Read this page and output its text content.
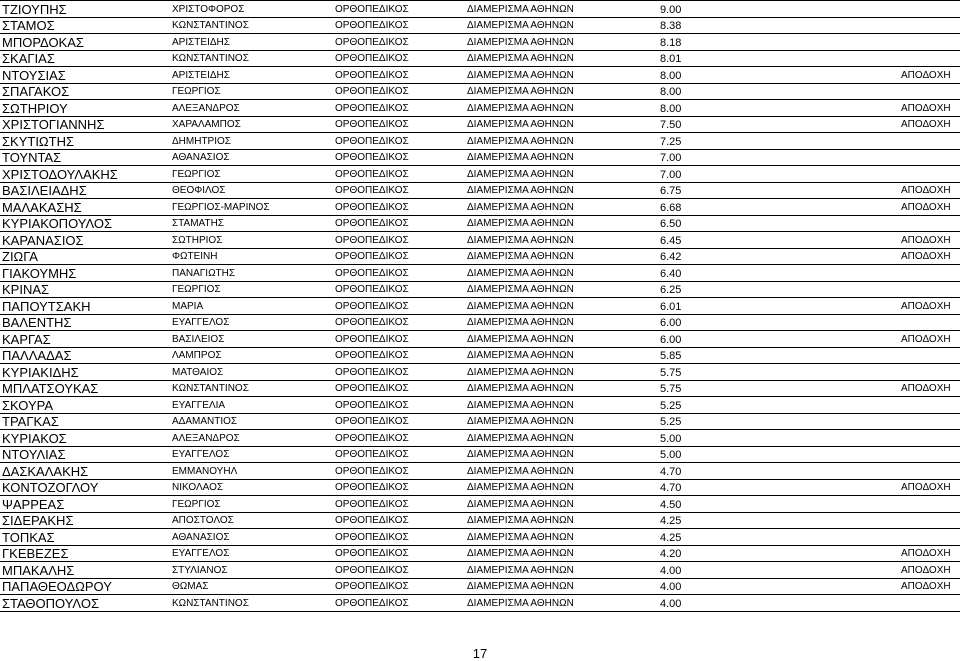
ΤΖΙΟΥΠΗΣ	ΧΡΙΣΤΟΦΟΡΟΣ	ΟΡΘΟΠΕΔΙΚΟΣ	ΔΙΑΜΕΡΙΣΜΑ ΑΘΗΝΩΝ	9.00	
ΣΤΑΜΟΣ	ΚΩΝΣΤΑΝΤΙΝΟΣ	ΟΡΘΟΠΕΔΙΚΟΣ	ΔΙΑΜΕΡΙΣΜΑ ΑΘΗΝΩΝ	8.38	
ΜΠΟΡΔΟΚΑΣ	ΑΡΙΣΤΕΙΔΗΣ	ΟΡΘΟΠΕΔΙΚΟΣ	ΔΙΑΜΕΡΙΣΜΑ ΑΘΗΝΩΝ	8.18	
ΣΚΑΓΙΑΣ	ΚΩΝΣΤΑΝΤΙΝΟΣ	ΟΡΘΟΠΕΔΙΚΟΣ	ΔΙΑΜΕΡΙΣΜΑ ΑΘΗΝΩΝ	8.01	
ΝΤΟΥΣΙΑΣ	ΑΡΙΣΤΕΙΔΗΣ	ΟΡΘΟΠΕΔΙΚΟΣ	ΔΙΑΜΕΡΙΣΜΑ ΑΘΗΝΩΝ	8.00	ΑΠΟΔΟΧΗ
ΣΠΑΓΑΚΟΣ	ΓΕΩΡΓΙΟΣ	ΟΡΘΟΠΕΔΙΚΟΣ	ΔΙΑΜΕΡΙΣΜΑ ΑΘΗΝΩΝ	8.00	
ΣΩΤΗΡΙΟΥ	ΑΛΕΞΑΝΔΡΟΣ	ΟΡΘΟΠΕΔΙΚΟΣ	ΔΙΑΜΕΡΙΣΜΑ ΑΘΗΝΩΝ	8.00	ΑΠΟΔΟΧΗ
ΧΡΙΣΤΟΓΙΑΝΝΗΣ	ΧΑΡΑΛΑΜΠΟΣ	ΟΡΘΟΠΕΔΙΚΟΣ	ΔΙΑΜΕΡΙΣΜΑ ΑΘΗΝΩΝ	7.50	ΑΠΟΔΟΧΗ
ΣΚΥΤΙΩΤΗΣ	ΔΗΜΗΤΡΙΟΣ	ΟΡΘΟΠΕΔΙΚΟΣ	ΔΙΑΜΕΡΙΣΜΑ ΑΘΗΝΩΝ	7.25	
ΤΟΥΝΤΑΣ	ΑΘΑΝΑΣΙΟΣ	ΟΡΘΟΠΕΔΙΚΟΣ	ΔΙΑΜΕΡΙΣΜΑ ΑΘΗΝΩΝ	7.00	
ΧΡΙΣΤΟΔΟΥΛΑΚΗΣ	ΓΕΩΡΓΙΟΣ	ΟΡΘΟΠΕΔΙΚΟΣ	ΔΙΑΜΕΡΙΣΜΑ ΑΘΗΝΩΝ	7.00	
ΒΑΣΙΛΕΙΑΔΗΣ	ΘΕΟΦΙΛΟΣ	ΟΡΘΟΠΕΔΙΚΟΣ	ΔΙΑΜΕΡΙΣΜΑ ΑΘΗΝΩΝ	6.75	ΑΠΟΔΟΧΗ
ΜΑΛΑΚΑΣΗΣ	ΓΕΩΡΓΙΟΣ-ΜΑΡΙΝΟΣ	ΟΡΘΟΠΕΔΙΚΟΣ	ΔΙΑΜΕΡΙΣΜΑ ΑΘΗΝΩΝ	6.68	ΑΠΟΔΟΧΗ
ΚΥΡΙΑΚΟΠΟΥΛΟΣ	ΣΤΑΜΑΤΗΣ	ΟΡΘΟΠΕΔΙΚΟΣ	ΔΙΑΜΕΡΙΣΜΑ ΑΘΗΝΩΝ	6.50	
ΚΑΡΑΝΑΣΙΟΣ	ΣΩΤΗΡΙΟΣ	ΟΡΘΟΠΕΔΙΚΟΣ	ΔΙΑΜΕΡΙΣΜΑ ΑΘΗΝΩΝ	6.45	ΑΠΟΔΟΧΗ
ΖΙΩΓΑ	ΦΩΤΕΙΝΗ	ΟΡΘΟΠΕΔΙΚΟΣ	ΔΙΑΜΕΡΙΣΜΑ ΑΘΗΝΩΝ	6.42	ΑΠΟΔΟΧΗ
ΓΙΑΚΟΥΜΗΣ	ΠΑΝΑΓΙΩΤΗΣ	ΟΡΘΟΠΕΔΙΚΟΣ	ΔΙΑΜΕΡΙΣΜΑ ΑΘΗΝΩΝ	6.40	
ΚΡΙΝΑΣ	ΓΕΩΡΓΙΟΣ	ΟΡΘΟΠΕΔΙΚΟΣ	ΔΙΑΜΕΡΙΣΜΑ ΑΘΗΝΩΝ	6.25	
ΠΑΠΟΥΤΣΑΚΗ	ΜΑΡΙΑ	ΟΡΘΟΠΕΔΙΚΟΣ	ΔΙΑΜΕΡΙΣΜΑ ΑΘΗΝΩΝ	6.01	ΑΠΟΔΟΧΗ
ΒΑΛΕΝΤΗΣ	ΕΥΑΓΓΕΛΟΣ	ΟΡΘΟΠΕΔΙΚΟΣ	ΔΙΑΜΕΡΙΣΜΑ ΑΘΗΝΩΝ	6.00	
ΚΑΡΓΑΣ	ΒΑΣΙΛΕΙΟΣ	ΟΡΘΟΠΕΔΙΚΟΣ	ΔΙΑΜΕΡΙΣΜΑ ΑΘΗΝΩΝ	6.00	ΑΠΟΔΟΧΗ
ΠΑΛΛΑΔΑΣ	ΛΑΜΠΡΟΣ	ΟΡΘΟΠΕΔΙΚΟΣ	ΔΙΑΜΕΡΙΣΜΑ ΑΘΗΝΩΝ	5.85	
ΚΥΡΙΑΚΙΔΗΣ	ΜΑΤΘΑΙΟΣ	ΟΡΘΟΠΕΔΙΚΟΣ	ΔΙΑΜΕΡΙΣΜΑ ΑΘΗΝΩΝ	5.75	
ΜΠΛΑΤΣΟΥΚΑΣ	ΚΩΝΣΤΑΝΤΙΝΟΣ	ΟΡΘΟΠΕΔΙΚΟΣ	ΔΙΑΜΕΡΙΣΜΑ ΑΘΗΝΩΝ	5.75	ΑΠΟΔΟΧΗ
ΣΚΟΥΡΑ	ΕΥΑΓΓΕΛΙΑ	ΟΡΘΟΠΕΔΙΚΟΣ	ΔΙΑΜΕΡΙΣΜΑ ΑΘΗΝΩΝ	5.25	
ΤΡΑΓΚΑΣ	ΑΔΑΜΑΝΤΙΟΣ	ΟΡΘΟΠΕΔΙΚΟΣ	ΔΙΑΜΕΡΙΣΜΑ ΑΘΗΝΩΝ	5.25	
ΚΥΡΙΑΚΟΣ	ΑΛΕΞΑΝΔΡΟΣ	ΟΡΘΟΠΕΔΙΚΟΣ	ΔΙΑΜΕΡΙΣΜΑ ΑΘΗΝΩΝ	5.00	
ΝΤΟΥΛΙΑΣ	ΕΥΑΓΓΕΛΟΣ	ΟΡΘΟΠΕΔΙΚΟΣ	ΔΙΑΜΕΡΙΣΜΑ ΑΘΗΝΩΝ	5.00	
ΔΑΣΚΑΛΑΚΗΣ	ΕΜΜΑΝΟΥΗΛ	ΟΡΘΟΠΕΔΙΚΟΣ	ΔΙΑΜΕΡΙΣΜΑ ΑΘΗΝΩΝ	4.70	
ΚΟΝΤΟΖΟΓΛΟΥ	ΝΙΚΟΛΑΟΣ	ΟΡΘΟΠΕΔΙΚΟΣ	ΔΙΑΜΕΡΙΣΜΑ ΑΘΗΝΩΝ	4.70	ΑΠΟΔΟΧΗ
ΨΑΡΡΕΑΣ	ΓΕΩΡΓΙΟΣ	ΟΡΘΟΠΕΔΙΚΟΣ	ΔΙΑΜΕΡΙΣΜΑ ΑΘΗΝΩΝ	4.50	
ΣΙΔΕΡΑΚΗΣ	ΑΠΟΣΤΟΛΟΣ	ΟΡΘΟΠΕΔΙΚΟΣ	ΔΙΑΜΕΡΙΣΜΑ ΑΘΗΝΩΝ	4.25	
ΤΟΠΚΑΣ	ΑΘΑΝΑΣΙΟΣ	ΟΡΘΟΠΕΔΙΚΟΣ	ΔΙΑΜΕΡΙΣΜΑ ΑΘΗΝΩΝ	4.25	
ΓΚΕΒΕΖΕΣ	ΕΥΑΓΓΕΛΟΣ	ΟΡΘΟΠΕΔΙΚΟΣ	ΔΙΑΜΕΡΙΣΜΑ ΑΘΗΝΩΝ	4.20	ΑΠΟΔΟΧΗ
ΜΠΑΚΑΛΗΣ	ΣΤΥΛΙΑΝΟΣ	ΟΡΘΟΠΕΔΙΚΟΣ	ΔΙΑΜΕΡΙΣΜΑ ΑΘΗΝΩΝ	4.00	ΑΠΟΔΟΧΗ
ΠΑΠΑΘΕΟΔΩΡΟΥ	ΘΩΜΑΣ	ΟΡΘΟΠΕΔΙΚΟΣ	ΔΙΑΜΕΡΙΣΜΑ ΑΘΗΝΩΝ	4.00	ΑΠΟΔΟΧΗ
ΣΤΑΘΟΠΟΥΛΟΣ	ΚΩΝΣΤΑΝΤΙΝΟΣ	ΟΡΘΟΠΕΔΙΚΟΣ	ΔΙΑΜΕΡΙΣΜΑ ΑΘΗΝΩΝ	4.00	
17
